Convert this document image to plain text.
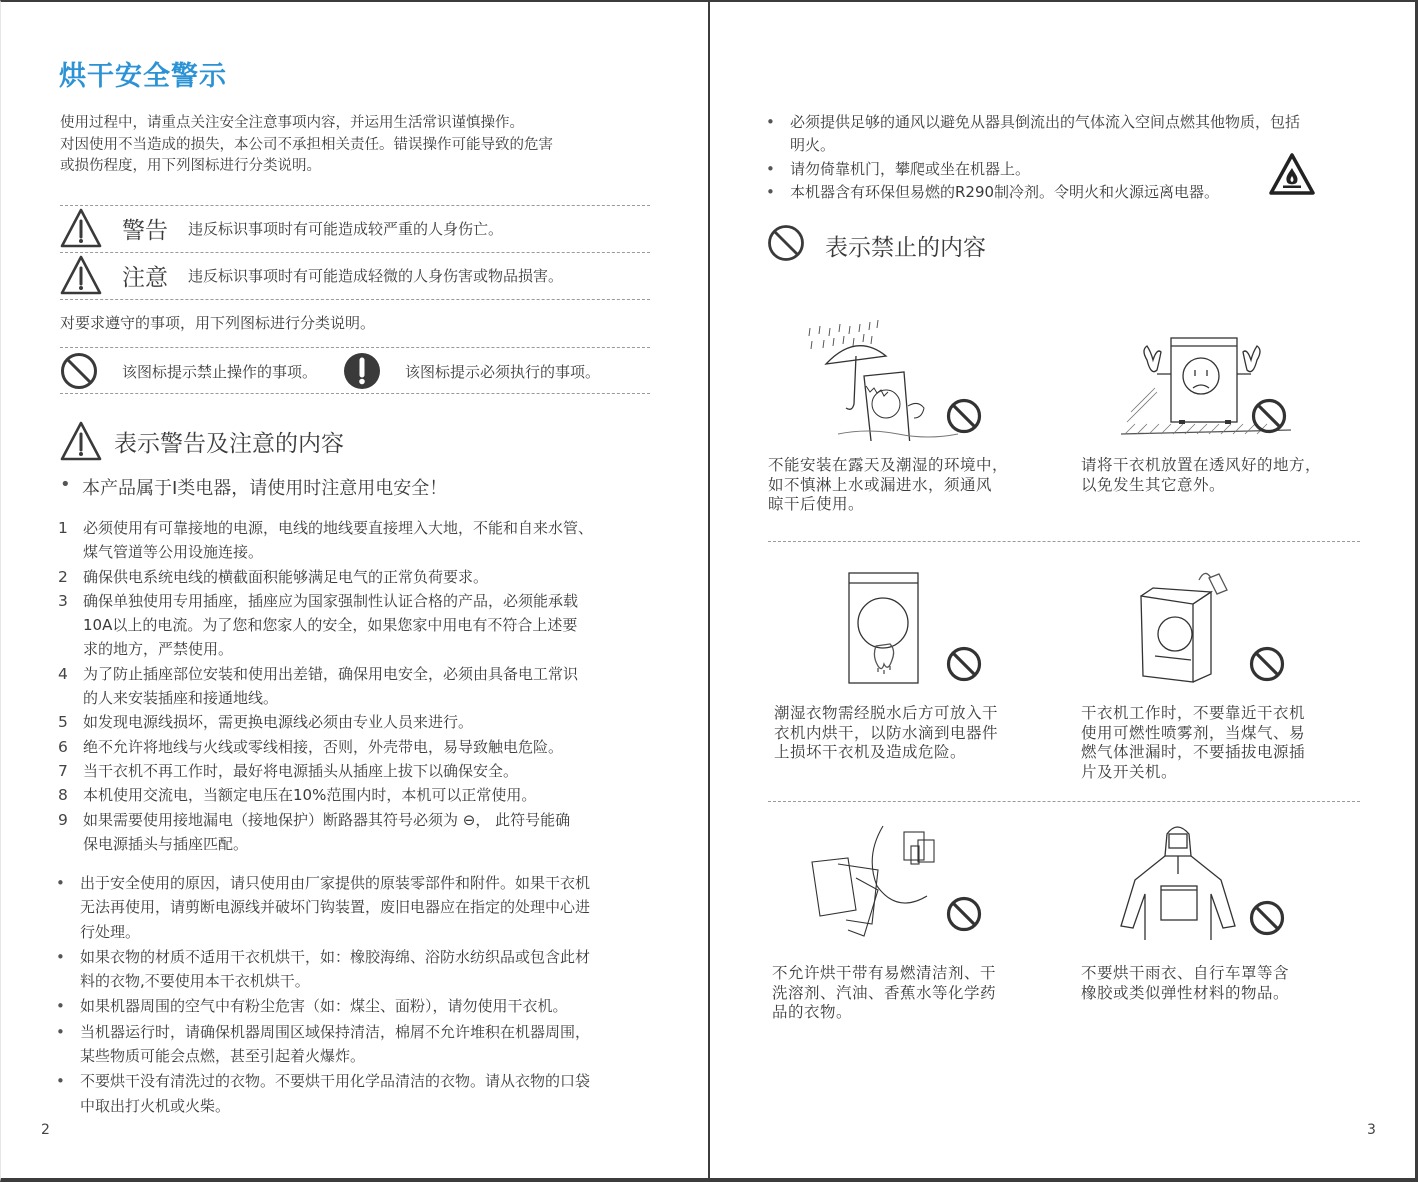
烘干安全警示
使用过程中，请重点关注安全注意事项内容，并运用生活常识谨慎操作。
对因使用不当造成的损失，本公司不承担相关责任。错误操作可能导致的危害
或损伤程度，用下列图标进行分类说明。
警告	违反标识事项时有可能造成较严重的人身伤亡。
注意	违反标识事项时有可能造成轻微的人身伤害或物品损害。
对要求遵守的事项，用下列图标进行分类说明。
该图标提示禁止操作的事项。	该图标提示必须执行的事项。
表示警告及注意的内容
• 本产品属于I类电器，请使用时注意用电安全！
1	必须使用有可靠接地的电源，电线的地线要直接埋入大地，不能和自来水管、
煤气管道等公用设施连接。
2	确保供电系统电线的横截面积能够满足电气的正常负荷要求。
3	确保单独使用专用插座，插座应为国家强制性认证合格的产品，必须能承载
10A以上的电流。为了您和您家人的安全，如果您家中用电有不符合上述要
求的地方，严禁使用。
4	为了防止插座部位安装和使用出差错，确保用电安全，必须由具备电工常识
的人来安装插座和接通地线。
5	如发现电源线损坏，需更换电源线必须由专业人员来进行。
6	绝不允许将地线与火线或零线相接，否则，外壳带电，易导致触电危险。
7	当干衣机不再工作时，最好将电源插头从插座上拔下以确保安全。
8	本机使用交流电，当额定电压在10%范围内时，本机可以正常使用。
9	如果需要使用接地漏电（接地保护）断路器其符号必须为 ⊖， 此符号能确
保电源插头与插座匹配。
•	出于安全使用的原因，请只使用由厂家提供的原装零部件和附件。如果干衣机
无法再使用，请剪断电源线并破坏门钩装置，废旧电器应在指定的处理中心进
行处理。
•	如果衣物的材质不适用干衣机烘干，如：橡胶海绵、浴防水纺织品或包含此材
料的衣物,不要使用本干衣机烘干。
•	如果机器周围的空气中有粉尘危害（如：煤尘、面粉），请勿使用干衣机。
•	当机器运行时，请确保机器周围区域保持清洁，棉屑不允许堆积在机器周围，
某些物质可能会点燃，甚至引起着火爆炸。
•	不要烘干没有清洗过的衣物。不要烘干用化学品清洁的衣物。请从衣物的口袋
中取出打火机或火柴。
2
•	必须提供足够的通风以避免从器具倒流出的气体流入空间点燃其他物质，包括
明火。
•	请勿倚靠机门，攀爬或坐在机器上。
•	本机器含有环保但易燃的R290制冷剂。令明火和火源远离电器。
表示禁止的内容
不能安装在露天及潮湿的环境中，
如不慎淋上水或漏进水，须通风
晾干后使用。
请将干衣机放置在透风好的地方，
以免发生其它意外。
潮湿衣物需经脱水后方可放入干
衣机内烘干，以防水滴到电器件
上损坏干衣机及造成危险。
干衣机工作时，不要靠近干衣机
使用可燃性喷雾剂，当煤气、易
燃气体泄漏时，不要插拔电源插
片及开关机。
不允许烘干带有易燃清洁剂、干
洗溶剂、汽油、香蕉水等化学药
品的衣物。
不要烘干雨衣、自行车罩等含
橡胶或类似弹性材料的物品。
3
